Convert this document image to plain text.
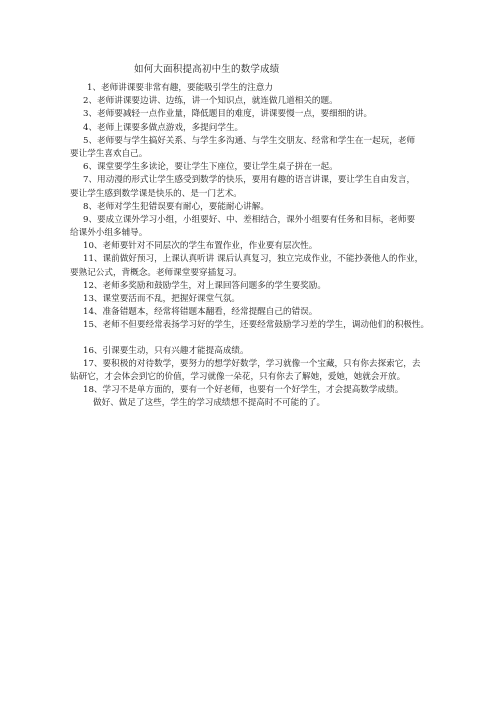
如何大面积提高初中生的数学成绩
1、老师讲课要非常有趣，要能吸引学生的注意力
2、老师讲课要边讲、边练，讲一个知识点，就连做几道相关的题。
3、老师要减轻一点作业量，降低题目的难度，讲课要慢一点，要细细的讲。
4、老师上课要多做点游戏，多提问学生。
5、老师要与学生搞好关系、与学生多沟通、与学生交朋友、经常和学生在一起玩，老师
要让学生喜欢自己。
6、课堂要学生多读论，要让学生下座位，要让学生桌子拼在一起。
7、用动漫的形式让学生感受到数学的快乐，要用有趣的语言讲课，要让学生自由发言，
要让学生感到数学课是快乐的、是一门艺术。
8、老师对学生犯错误要有耐心，要能耐心讲解。
9、要成立课外学习小组，小组要好、中、差相结合，课外小组要有任务和目标，老师要
给课外小组多辅导。
10、老师要针对不同层次的学生布置作业，作业要有层次性。
11、课前做好预习，上课认真听讲 课后认真复习，独立完成作业，不能抄袭他人的作业，
要熟记公式，背概念。老师课堂要穿插复习。
12、老师多奖励和鼓励学生，对上课回答问题多的学生要奖励。
13、课堂要活而不乱，把握好课堂气氛。
14、准备错题本，经常将错题本翻看，经常提醒自己的错误。
15、老师不但要经常表扬学习好的学生，还要经常鼓励学习差的学生，调动他们的积极性。
16、引课要生动，只有兴趣才能提高成绩。
17、要积极的对待数学，要努力的想学好数学，学习就像一个宝藏，只有你去探索它，去
钻研它，才会体会到它的价值，学习就像一朵花，只有你去了解她，爱她，她就会开放。
18、学习不是单方面的，要有一个好老师，也要有一个好学生，才会提高数学成绩。
做好、做足了这些，学生的学习成绩想不提高时不可能的了。
